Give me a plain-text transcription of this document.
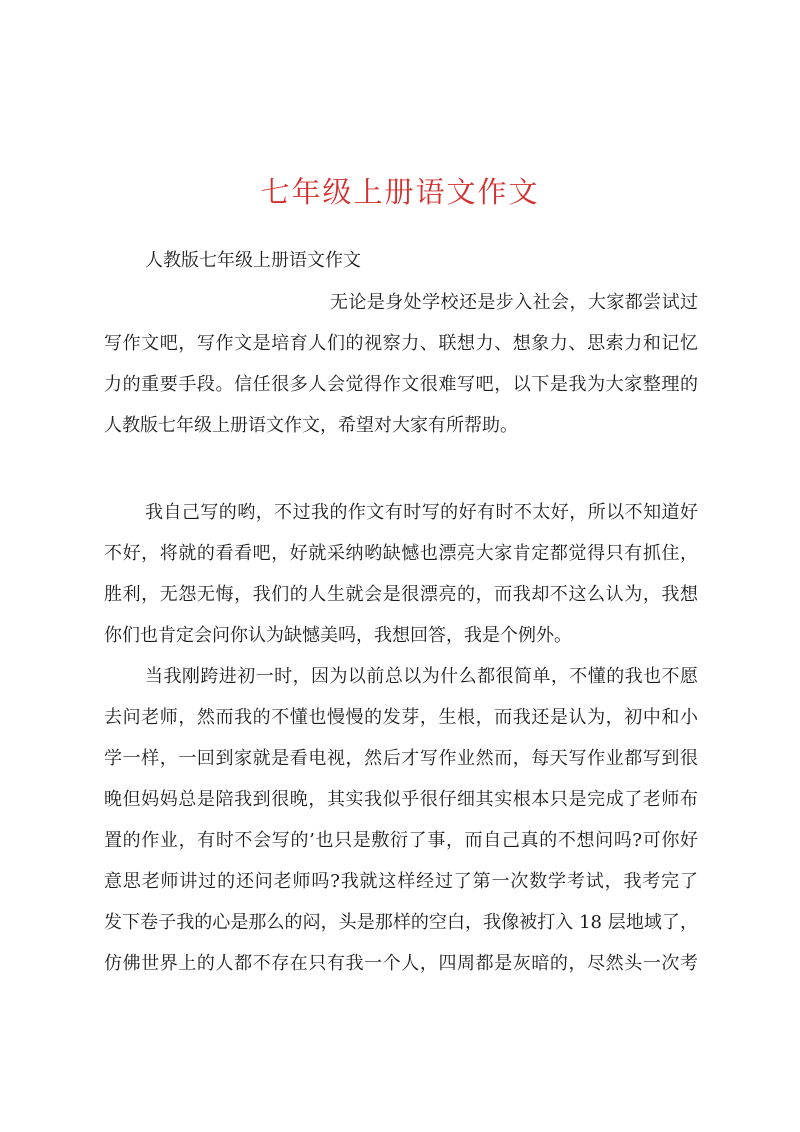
七年级上册语文作文
人教版七年级上册语文作文
无论是身处学校还是步入社会，大家都尝试过
写作文吧，写作文是培育人们的视察力、联想力、想象力、思索力和记忆
力的重要手段。信任很多人会觉得作文很难写吧，以下是我为大家整理的
人教版七年级上册语文作文，希望对大家有所帮助。
我自己写的哟，不过我的作文有时写的好有时不太好，所以不知道好
不好，将就的看看吧，好就采纳哟缺憾也漂亮大家肯定都觉得只有抓住，
胜利，无怨无悔，我们的人生就会是很漂亮的，而我却不这么认为，我想
你们也肯定会问你认为缺憾美吗，我想回答，我是个例外。
当我刚跨进初一时，因为以前总以为什么都很简单，不懂的我也不愿
去问老师，然而我的不懂也慢慢的发芽，生根，而我还是认为，初中和小
学一样，一回到家就是看电视，然后才写作业然而，每天写作业都写到很
晚但妈妈总是陪我到很晚，其实我似乎很仔细其实根本只是完成了老师布
置的作业，有时不会写的’也只是敷衍了事，而自己真的不想问吗?可你好
意思老师讲过的还问老师吗?我就这样经过了第一次数学考试，我考完了
发下卷子我的心是那么的闷，头是那样的空白，我像被打入 18 层地域了，
仿佛世界上的人都不存在只有我一个人，四周都是灰暗的，尽然头一次考
